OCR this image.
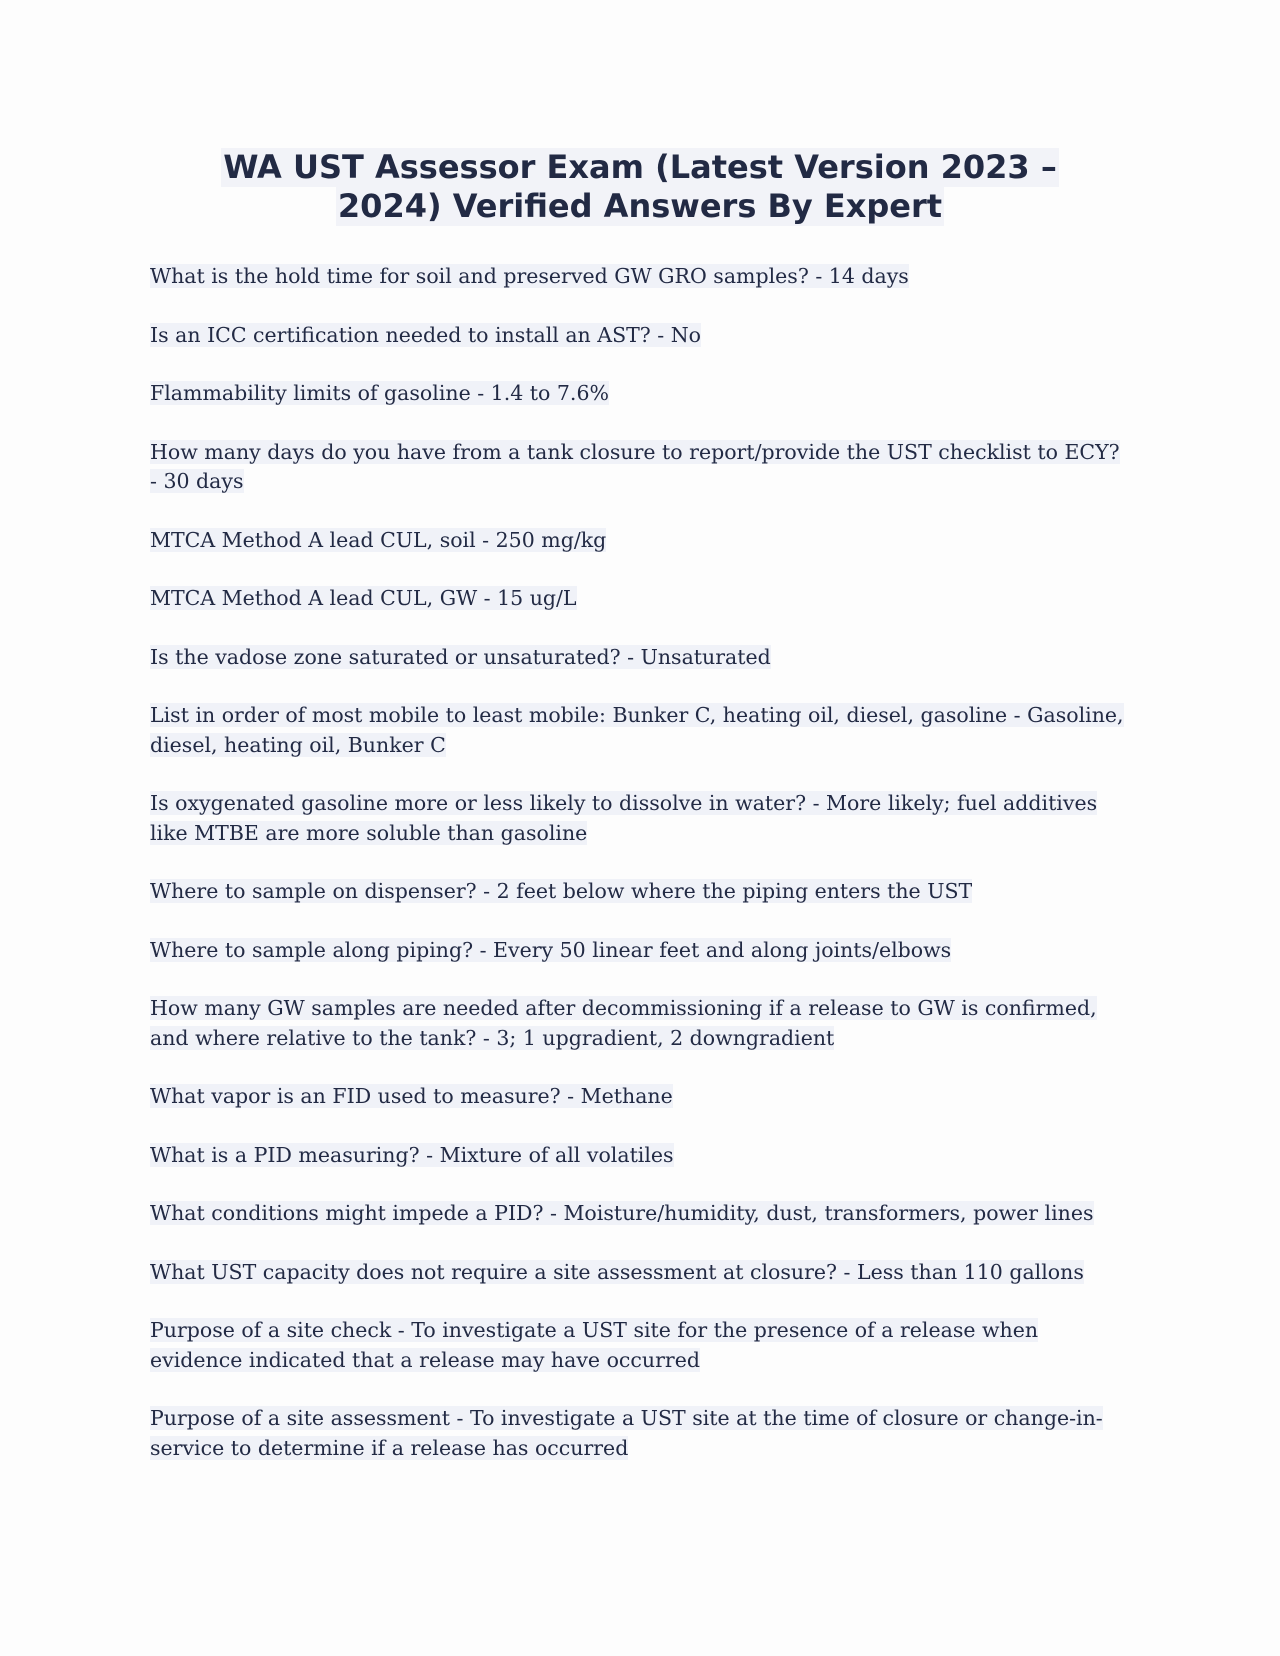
WA UST Assessor Exam (Latest Version 2023 –
2024) Verified Answers By Expert

What is the hold time for soil and preserved GW GRO samples? - 14 days

Is an ICC certification needed to install an AST? - No

Flammability limits of gasoline - 1.4 to 7.6%

How many days do you have from a tank closure to report/provide the UST checklist to ECY? - 30 days

MTCA Method A lead CUL, soil - 250 mg/kg

MTCA Method A lead CUL, GW - 15 ug/L

Is the vadose zone saturated or unsaturated? - Unsaturated

List in order of most mobile to least mobile: Bunker C, heating oil, diesel, gasoline - Gasoline, diesel, heating oil, Bunker C

Is oxygenated gasoline more or less likely to dissolve in water? - More likely; fuel additives like MTBE are more soluble than gasoline

Where to sample on dispenser? - 2 feet below where the piping enters the UST

Where to sample along piping? - Every 50 linear feet and along joints/elbows

How many GW samples are needed after decommissioning if a release to GW is confirmed, and where relative to the tank? - 3; 1 upgradient, 2 downgradient

What vapor is an FID used to measure? - Methane

What is a PID measuring? - Mixture of all volatiles

What conditions might impede a PID? - Moisture/humidity, dust, transformers, power lines

What UST capacity does not require a site assessment at closure? - Less than 110 gallons

Purpose of a site check - To investigate a UST site for the presence of a release when evidence indicated that a release may have occurred

Purpose of a site assessment - To investigate a UST site at the time of closure or change-in-service to determine if a release has occurred
